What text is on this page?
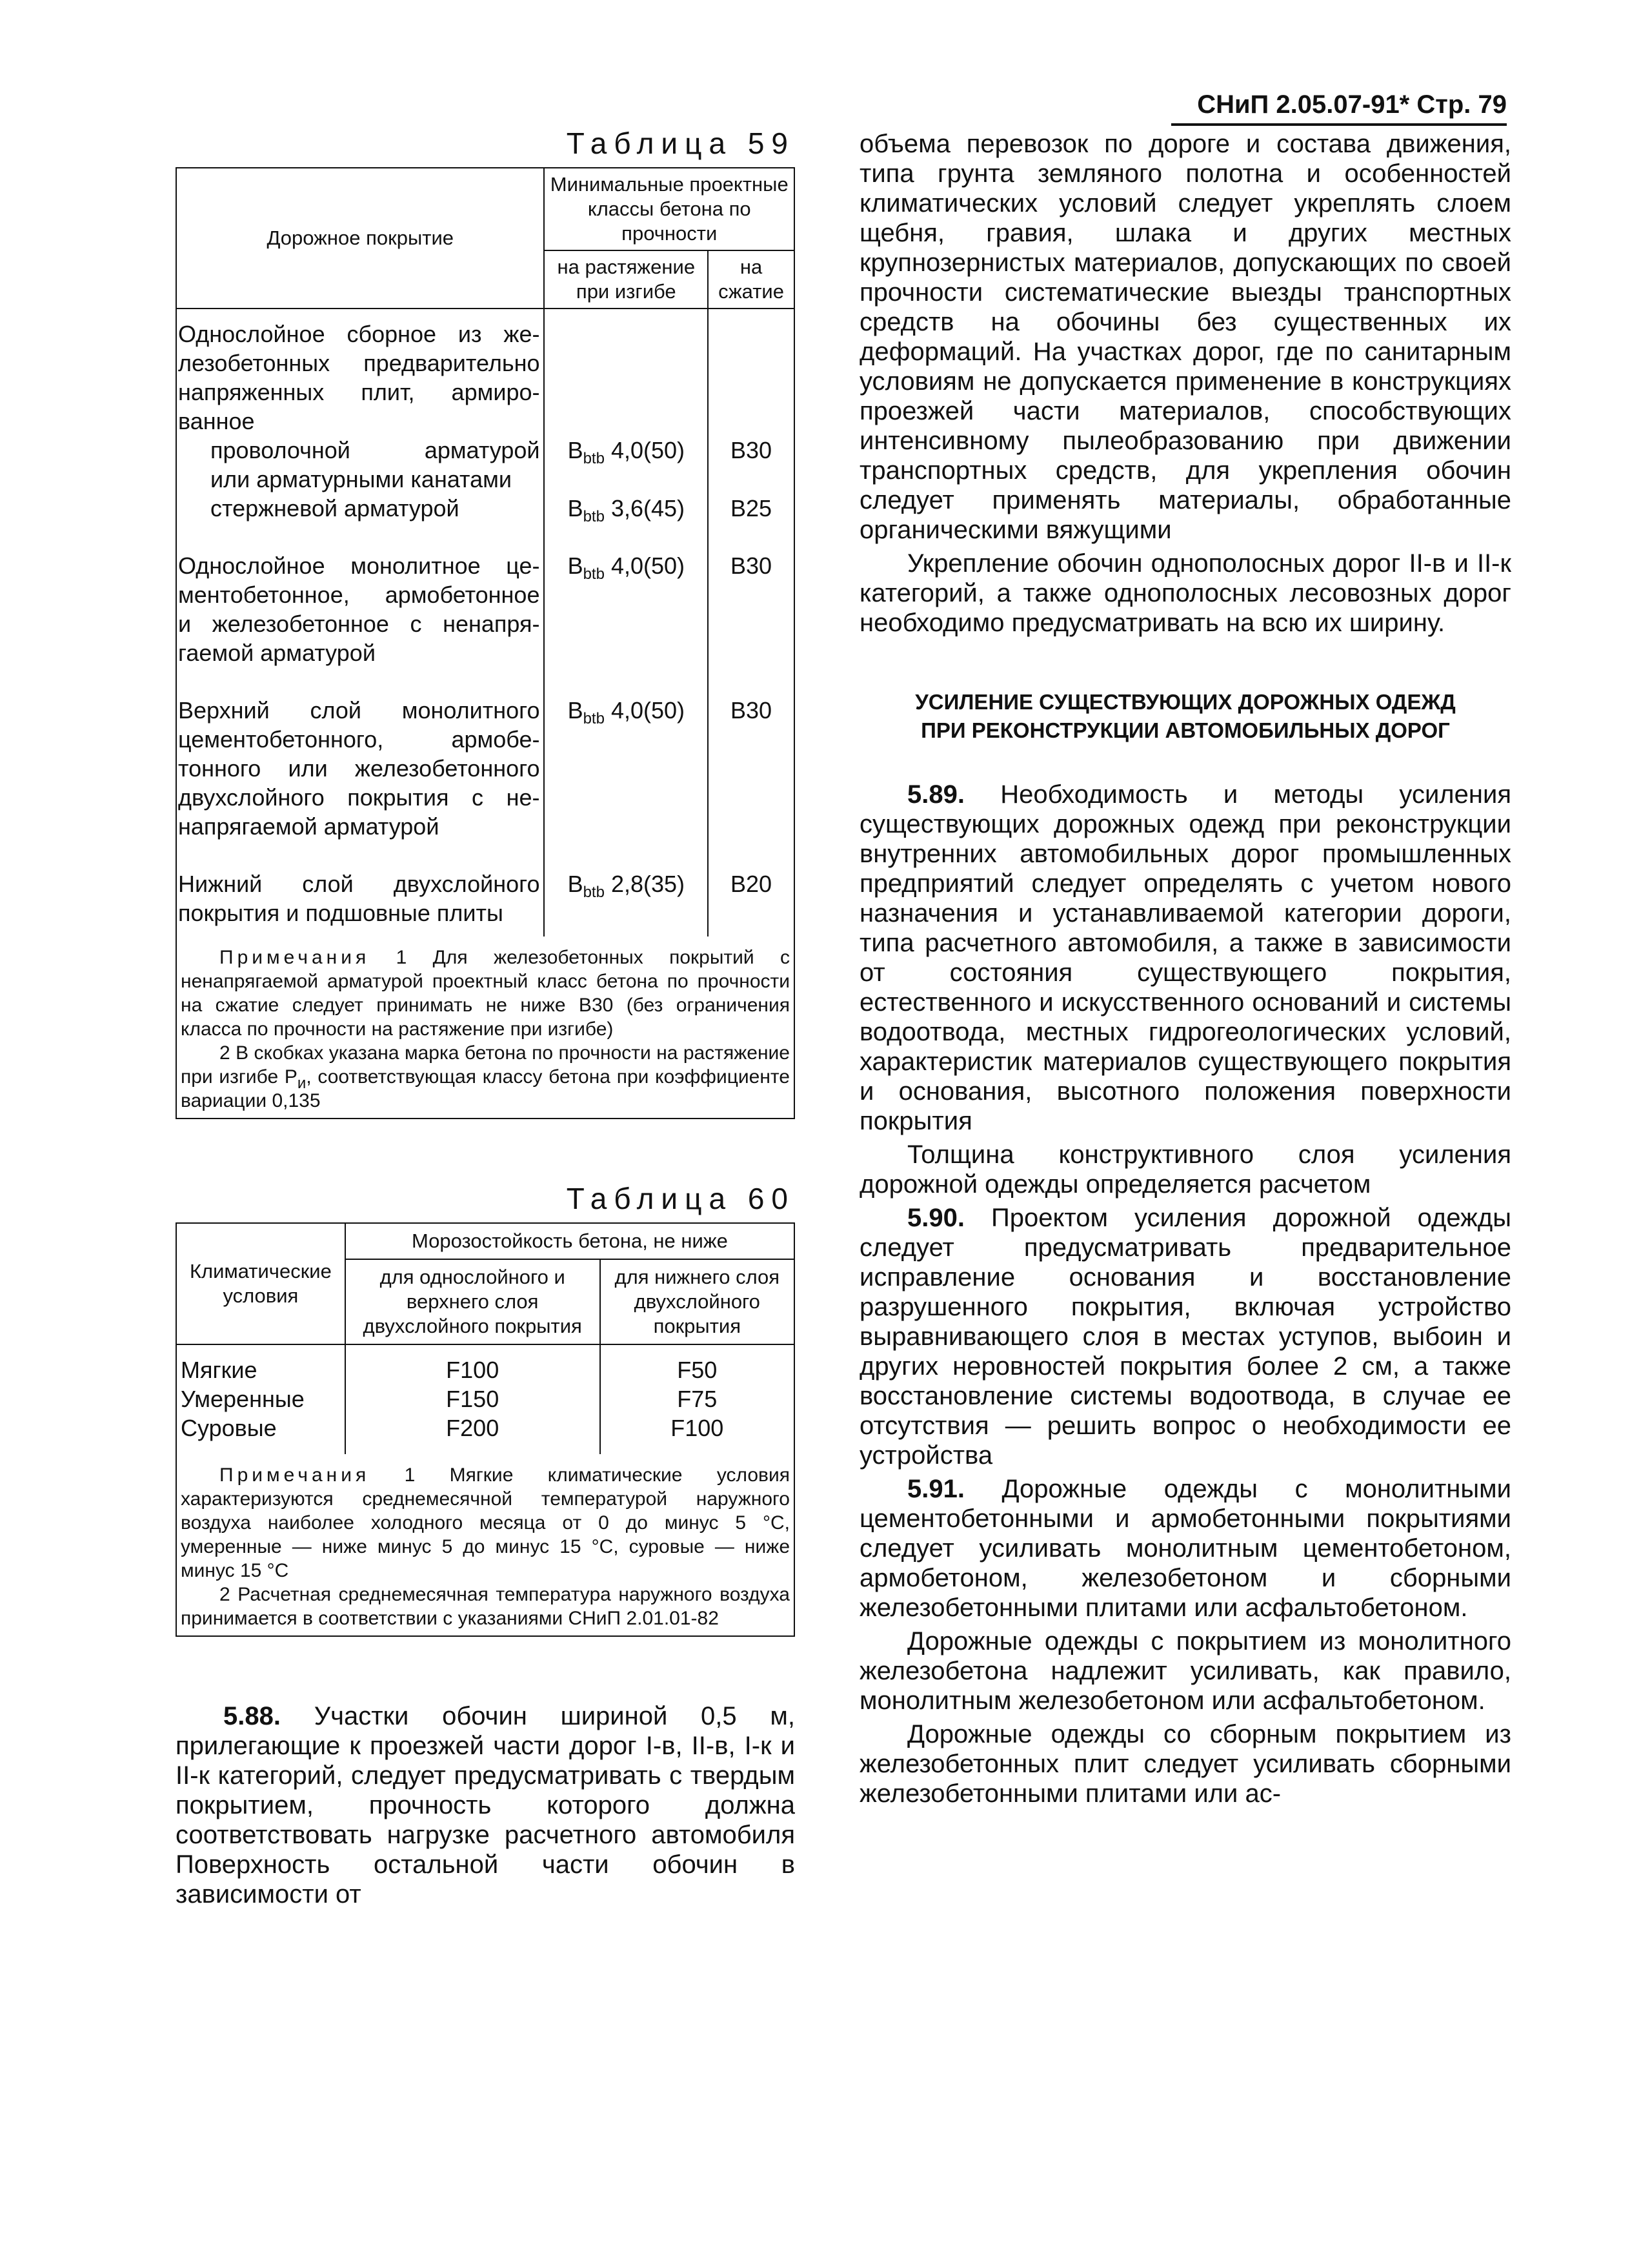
СНиП 2.05.07-91* Стр. 79
Таблица 59
Дорожное покрытие	Минимальные проектные классы бетона по прочности	
	на растяжение при изгибе	на сжатие

Однослойное сборное из же-
лезобетонных предварительно
напряженных плит, армиро-
ванное		

проволочной арматурой
или арматурными канатами	$В_{btb}$ 4,0(50)	В30

стержневой арматурой	$В_{btb}$ 3,6(45)	В25

Однослойное монолитное це-
ментобетонное, армобетонное
и железобетонное с ненапря-
гаемой арматурой	$В_{btb}$ 4,0(50)	В30

Верхний слой монолитного
цементобетонного, армобе-
тонного или железобетонного
двухслойного покрытия с не-
напрягаемой арматурой	$В_{btb}$ 4,0(50)	В30

Нижний слой двухслойного
покрытия и подшовные плиты	$В_{btb}$ 2,8(35)	В20

Примечания 1 Для железобетонных покрытий с ненапрягаемой арматурой проектный класс бетона по прочности на сжатие следует принимать не ниже В30 (без ограничения класса по прочности на растяжение при изгибе)

2 В скобках указана марка бетона по прочности на растяжение при изгибе $Р_и$, соответствующая классу бетона при коэффициенте вариации 0,135

Таблица 60
Климатические условия	Морозостойкость бетона, не ниже	
	для однослойного и верхнего слоя двухслойного покрытия	для нижнего слоя двухслойного покрытия
Мягкие	F100	F50
Умеренные	F150	F75
Суровые	F200	F100

Примечания 1 Мягкие климатические условия характеризуются среднемесячной температурой наружного воздуха наиболее холодного месяца от 0 до минус 5 °С, умеренные — ниже минус 5 до минус 15 °С, суровые — ниже минус 15 °С

2 Расчетная среднемесячная температура наружного воздуха принимается в соответствии с указаниями СНиП 2.01.01-82

5.88. Участки обочин шириной 0,5 м, прилегающие к проезжей части дорог I-в, II-в, I-к и II-к категорий, следует предусматривать с твердым покрытием, прочность которого должна соответствовать нагрузке расчетного автомобиля Поверхность остальной части обочин в зависимости от

объема перевозок по дороге и состава движения, типа грунта земляного полотна и особенностей климатических условий следует укреплять слоем щебня, гравия, шлака и других местных крупнозернистых материалов, допускающих по своей прочности систематические выезды транспортных средств на обочины без существенных их деформаций. На участках дорог, где по санитарным условиям не допускается применение в конструкциях проезжей части материалов, способствующих интенсивному пылеобразованию при движении транспортных средств, для укрепления обочин следует применять материалы, обработанные органическими вяжущими

Укрепление обочин однополосных дорог II-в и II-к категорий, а также однополосных лесовозных дорог необходимо предусматривать на всю их ширину.

УСИЛЕНИЕ СУЩЕСТВУЮЩИХ ДОРОЖНЫХ ОДЕЖД

ПРИ РЕКОНСТРУКЦИИ АВТОМОБИЛЬНЫХ ДОРОГ

5.89. Необходимость и методы усиления существующих дорожных одежд при реконструкции внутренних автомобильных дорог промышленных предприятий следует определять с учетом нового назначения и устанавливаемой категории дороги, типа расчетного автомобиля, а также в зависимости от состояния существующего покрытия, естественного и искусственного оснований и системы водоотвода, местных гидрогеологических условий, характеристик материалов существующего покрытия и основания, высотного положения поверхности покрытия

Толщина конструктивного слоя усиления дорожной одежды определяется расчетом

5.90. Проектом усиления дорожной одежды следует предусматривать предварительное исправление основания и восстановление разрушенного покрытия, включая устройство выравнивающего слоя в местах уступов, выбоин и других неровностей покрытия более 2 см, а также восстановление системы водоотвода, в случае ее отсутствия — решить вопрос о необходимости ее устройства

5.91. Дорожные одежды с монолитными цементобетонными и армобетонными покрытиями следует усиливать монолитным цементобетоном, армобетоном, железобетоном и сборными железобетонными плитами или асфальтобетоном.

Дорожные одежды с покрытием из монолитного железобетона надлежит усиливать, как правило, монолитным железобетоном или асфальтобетоном.

Дорожные одежды со сборным покрытием из железобетонных плит следует усиливать сборными железобетонными плитами или ас-
